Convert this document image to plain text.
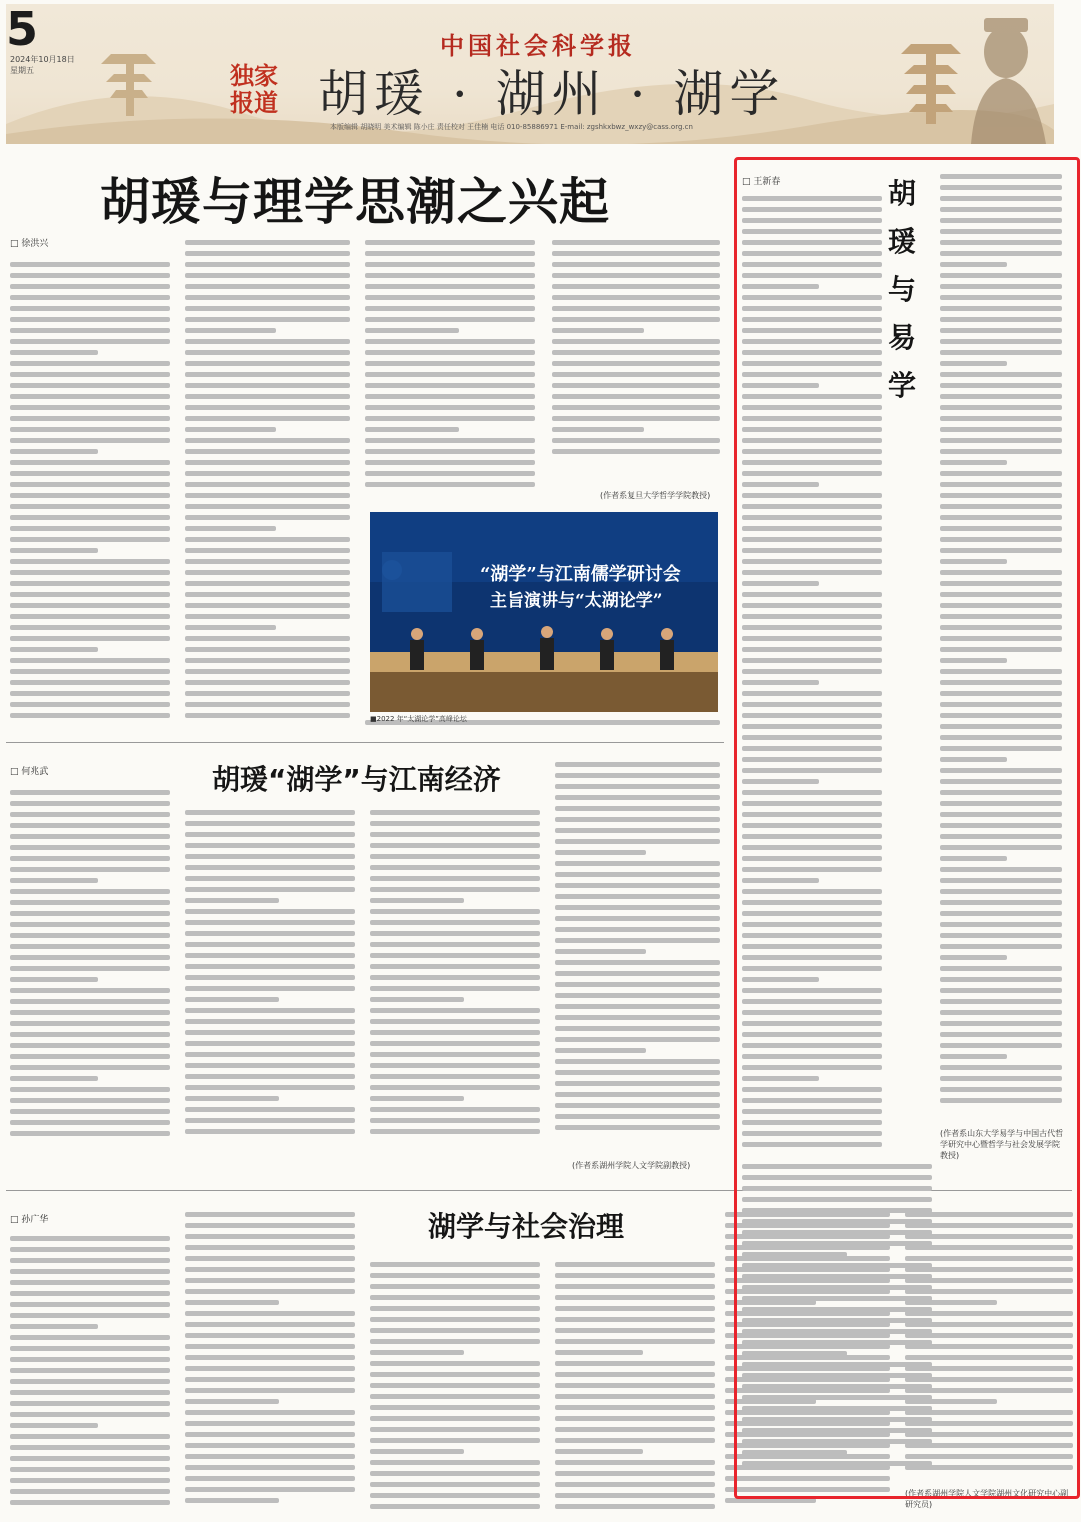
5
2024年10月18日
星期五
中国社会科学报
独家报道 胡瑗 · 湖州 · 湖学
本版编辑 胡晓明 美术编辑 陈小庄 责任校对 王佳楠 电话 010-85886971 E-mail: zgshkxbwz_wxzy@cass.org.cn
胡瑗与理学思潮之兴起
□ 徐洪兴
(作者系复旦大学哲学学院教授)
“湖学”与江南儒学研讨会
主旨演讲与“太湖论学”
■2022 年“太湖论学”高峰论坛
胡瑗“湖学”与江南经济
□ 何兆武
(作者系湖州学院人文学院副教授)
湖学与社会治理
□ 孙广华
(作者系湖州学院人文学院湖州文化研究中心副研究员)
□ 王新春	胡瑗与易学
(作者系山东大学易学与中国古代哲学研究中心暨哲学与社会发展学院教授)
